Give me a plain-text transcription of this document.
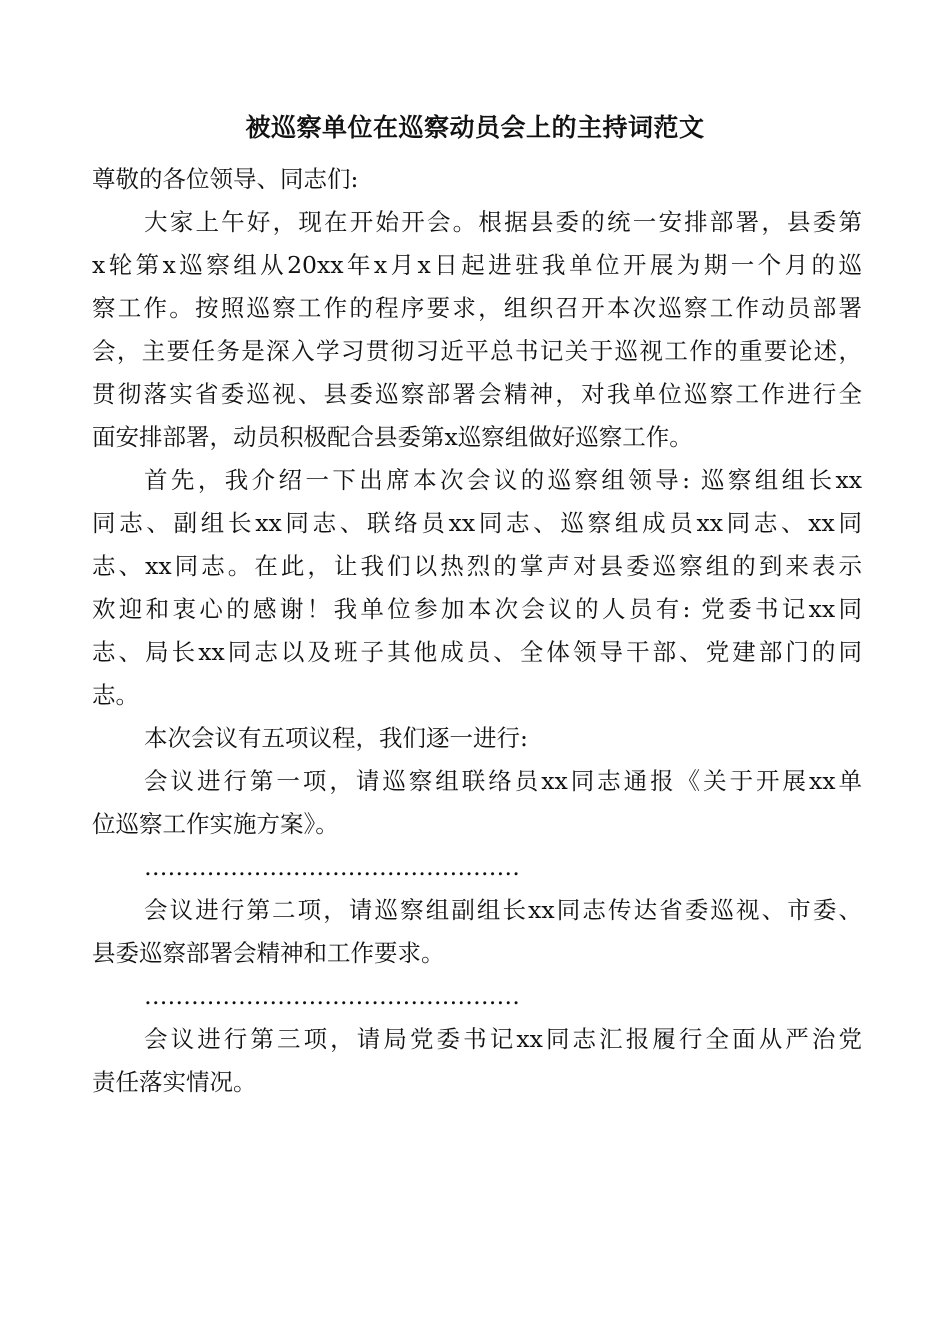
被巡察单位在巡察动员会上的主持词范文
尊敬的各位领导、同志们:
大家上午好，现在开始开会。根据县委的统一安排部署，县委第
x轮第x巡察组从20xx年x月x日起进驻我单位开展为期一个月的巡
察工作。按照巡察工作的程序要求，组织召开本次巡察工作动员部署
会，主要任务是深入学习贯彻习近平总书记关于巡视工作的重要论述，
贯彻落实省委巡视、县委巡察部署会精神，对我单位巡察工作进行全
面安排部署，动员积极配合县委第x巡察组做好巡察工作。
首先，我介绍一下出席本次会议的巡察组领导: 巡察组组长xx
同志、副组长xx同志、联络员xx同志、巡察组成员xx同志、xx同
志、xx同志。在此，让我们以热烈的掌声对县委巡察组的到来表示
欢迎和衷心的感谢！我单位参加本次会议的人员有: 党委书记xx同
志、局长xx同志以及班子其他成员、全体领导干部、党建部门的同
志。
本次会议有五项议程，我们逐一进行:
会议进行第一项，请巡察组联络员xx同志通报《关于开展xx单
位巡察工作实施方案》。
…………………………………………
会议进行第二项，请巡察组副组长xx同志传达省委巡视、市委、
县委巡察部署会精神和工作要求。
…………………………………………
会议进行第三项，请局党委书记xx同志汇报履行全面从严治党
责任落实情况。
